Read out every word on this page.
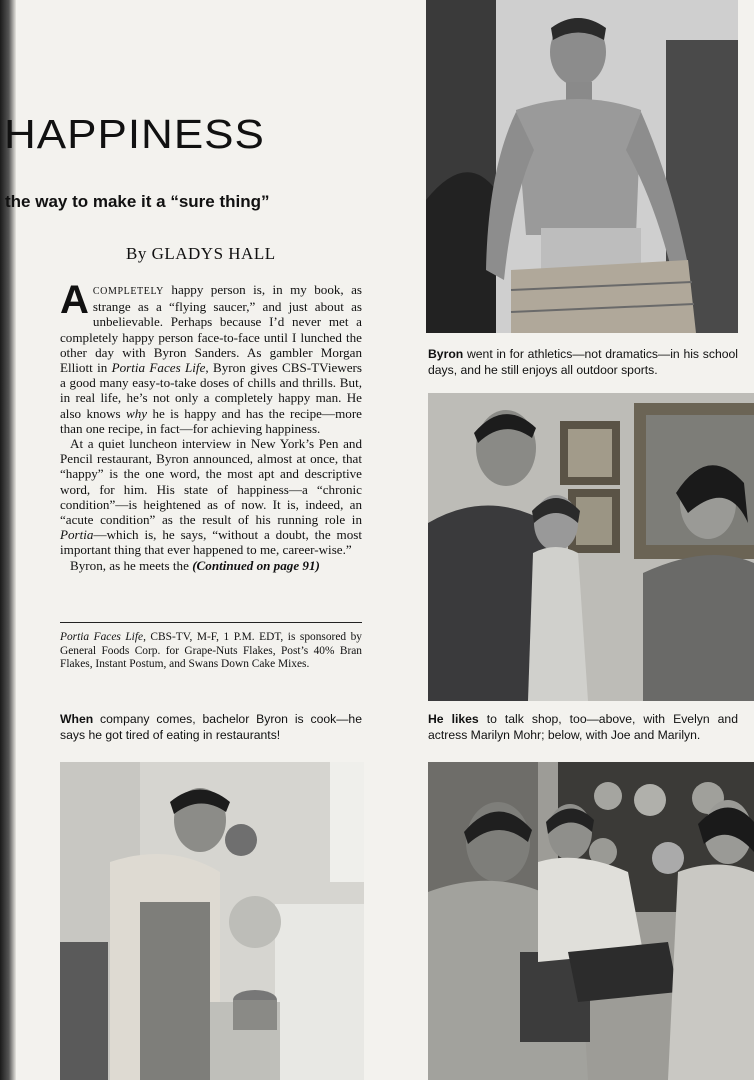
HAPPINESS
the way to make it a “sure thing”
By GLADYS HALL

ACOMPLETELY happy person is, in my book, as strange as a “flying saucer,” and just about as unbelievable. Perhaps because I’d never met a completely happy person face-to-face until I lunched the other day with Byron Sanders. As gambler Morgan Elliott in Portia Faces Life, Byron gives CBS-TViewers a good many easy-to-take doses of chills and thrills. But, in real life, he’s not only a completely happy man. He also knows why he is happy and has the recipe—more than one recipe, in fact—for achieving happiness.

At a quiet luncheon interview in New York’s Pen and Pencil restaurant, Byron announced, almost at once, that “happy” is the one word, the most apt and descriptive word, for him. His state of happiness—a “chronic condition”—is heightened as of now. It is, indeed, an “acute condition” as the result of his running role in Portia—which is, he says, “without a doubt, the most important thing that ever happened to me, career-wise.”

Byron, as he meets the (Continued on page 91)

Portia Faces Life, CBS-TV, M-F, 1 P.M. EDT, is sponsored by General Foods Corp. for Grape-Nuts Flakes, Post’s 40% Bran Flakes, Instant Postum, and Swans Down Cake Mixes.
Byron went in for athletics—not dramatics—in his school days, and he still enjoys all outdoor sports.
He likes to talk shop, too—above, with Evelyn and actress Marilyn Mohr; below, with Joe and Marilyn.
When company comes, bachelor Byron is cook—he says he got tired of eating in restaurants!
